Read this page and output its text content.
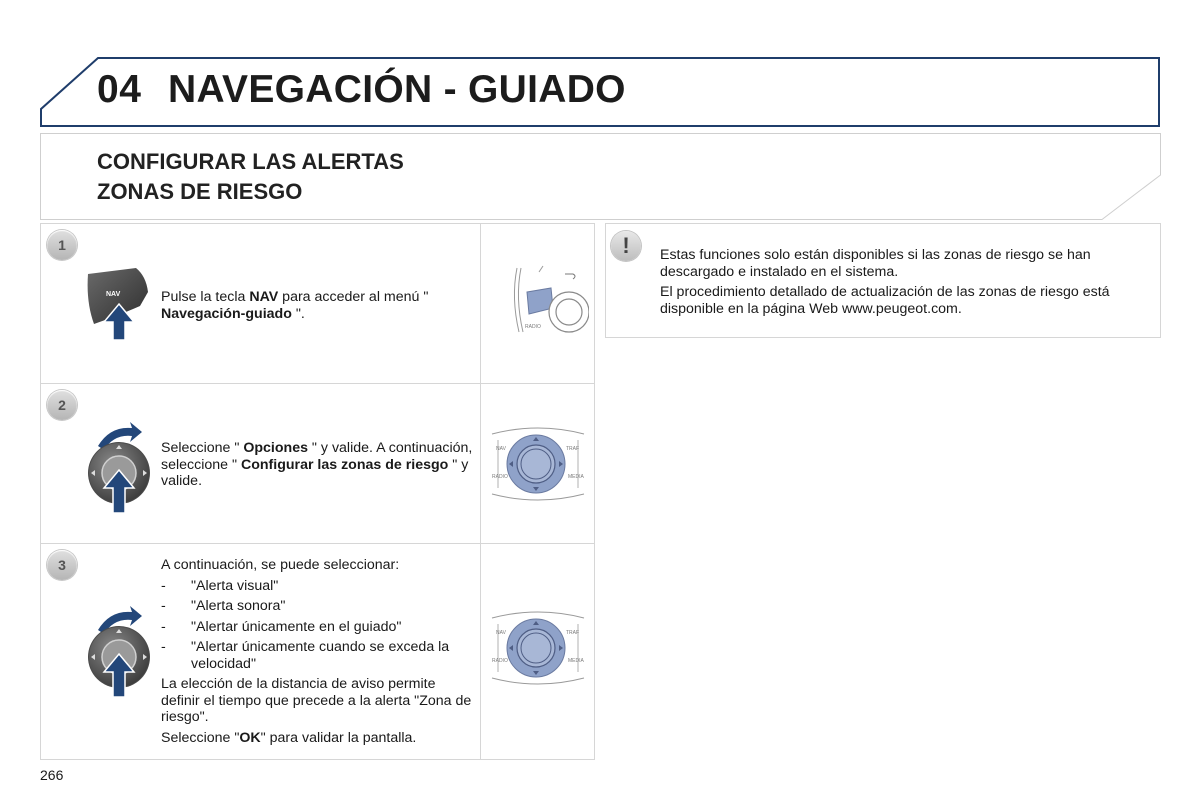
04 NAVEGACIÓN - GUIADO
CONFIGURAR LAS ALERTAS
ZONAS DE RIESGO
1
NAV	Pulse la tecla NAV para acceder al menú " Navegación-guiado ".
RADIO
2
Seleccione " Opciones " y valide. A continuación, seleccione " Configurar las zonas de riesgo " y valide.
NAV	TRAF
RADIO	MEDIA
3	A continuación, se puede seleccionar:

- "Alerta visual"
- "Alerta sonora"
- "Alertar únicamente en el guiado"
- "Alertar únicamente cuando se exceda la velocidad"

La elección de la distancia de aviso permite definir el tiempo que precede a la alerta "Zona de riesgo".

Seleccione "OK" para validar la pantalla.

NAV	TRAF
RADIO	MEDIA
!	Estas funciones solo están disponibles si las zonas de riesgo se han descargado e instalado en el sistema.

El procedimiento detallado de actualización de las zonas de riesgo está disponible en la página Web www.peugeot.com.

266
